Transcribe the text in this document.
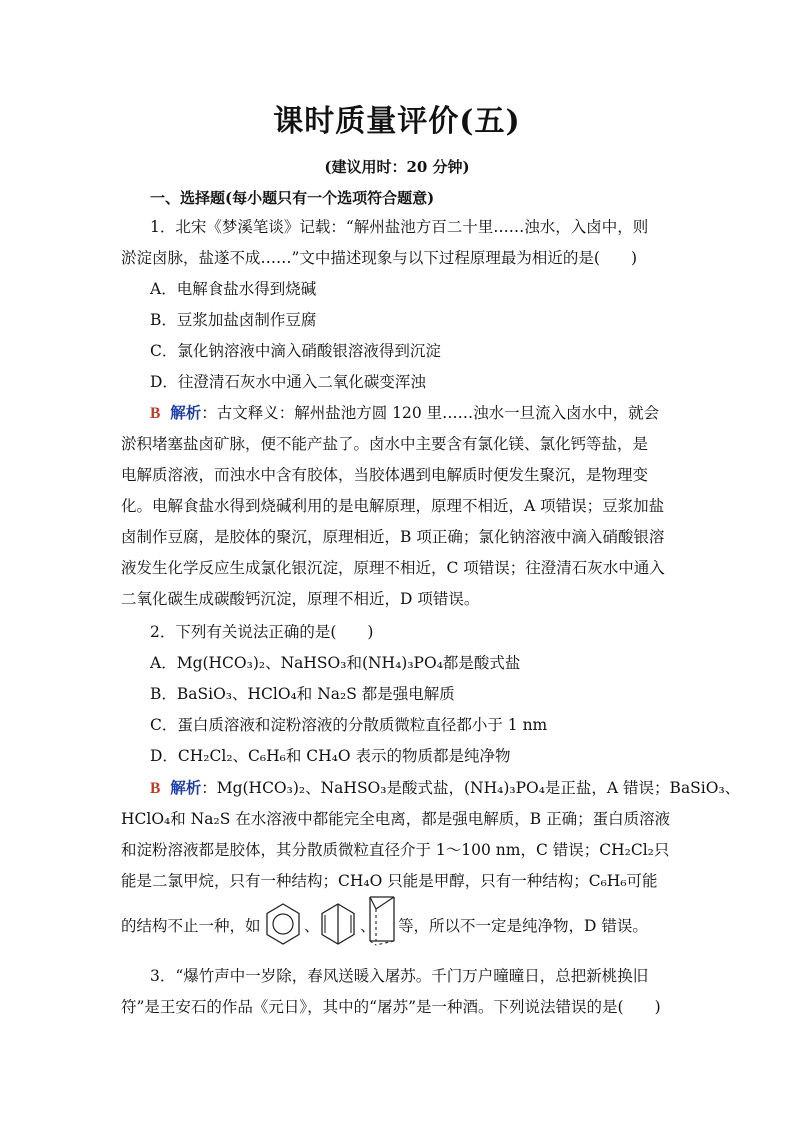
课时质量评价(五)
(建议用时：20 分钟)
一、选择题(每小题只有一个选项符合题意)
1．北宋《梦溪笔谈》记载：“解州盐池方百二十里……浊水，入卤中，则
淤淀卤脉，盐遂不成……”文中描述现象与以下过程原理最为相近的是(　　)
A．电解食盐水得到烧碱
B．豆浆加盐卤制作豆腐
C．氯化钠溶液中滴入硝酸银溶液得到沉淀
D．往澄清石灰水中通入二氧化碳变浑浊
B 解析：古文释义：解州盐池方圆 120 里……浊水一旦流入卤水中，就会
淤积堵塞盐卤矿脉，便不能产盐了。卤水中主要含有氯化镁、氯化钙等盐，是
电解质溶液，而浊水中含有胶体，当胶体遇到电解质时便发生聚沉，是物理变
化。电解食盐水得到烧碱利用的是电解原理，原理不相近，A 项错误；豆浆加盐
卤制作豆腐，是胶体的聚沉，原理相近，B 项正确；氯化钠溶液中滴入硝酸银溶
液发生化学反应生成氯化银沉淀，原理不相近，C 项错误；往澄清石灰水中通入
二氧化碳生成碳酸钙沉淀，原理不相近，D 项错误。
2．下列有关说法正确的是(　　)
A．Mg(HCO₃)₂、NaHSO₃和(NH₄)₃PO₄都是酸式盐
B．BaSiO₃、HClO₄和 Na₂S 都是强电解质
C．蛋白质溶液和淀粉溶液的分散质微粒直径都小于 1 nm
D．CH₂Cl₂、C₆H₆和 CH₄O 表示的物质都是纯净物
B 解析：Mg(HCO₃)₂、NaHSO₃是酸式盐，(NH₄)₃PO₄是正盐，A 错误；BaSiO₃、
HClO₄和 Na₂S 在水溶液中都能完全电离，都是强电解质，B 正确；蛋白质溶液
和淀粉溶液都是胶体，其分散质微粒直径介于 1～100 nm，C 错误；CH₂Cl₂只
能是二氯甲烷，只有一种结构；CH₄O 只能是甲醇，只有一种结构；C₆H₆可能
的结构不止一种，如	、	、 等，所以不一定是纯净物，D 错误。
3．“爆竹声中一岁除，春风送暖入屠苏。千门万户曈曈日，总把新桃换旧
符”是王安石的作品《元日》，其中的“屠苏”是一种酒。下列说法错误的是(　　)
